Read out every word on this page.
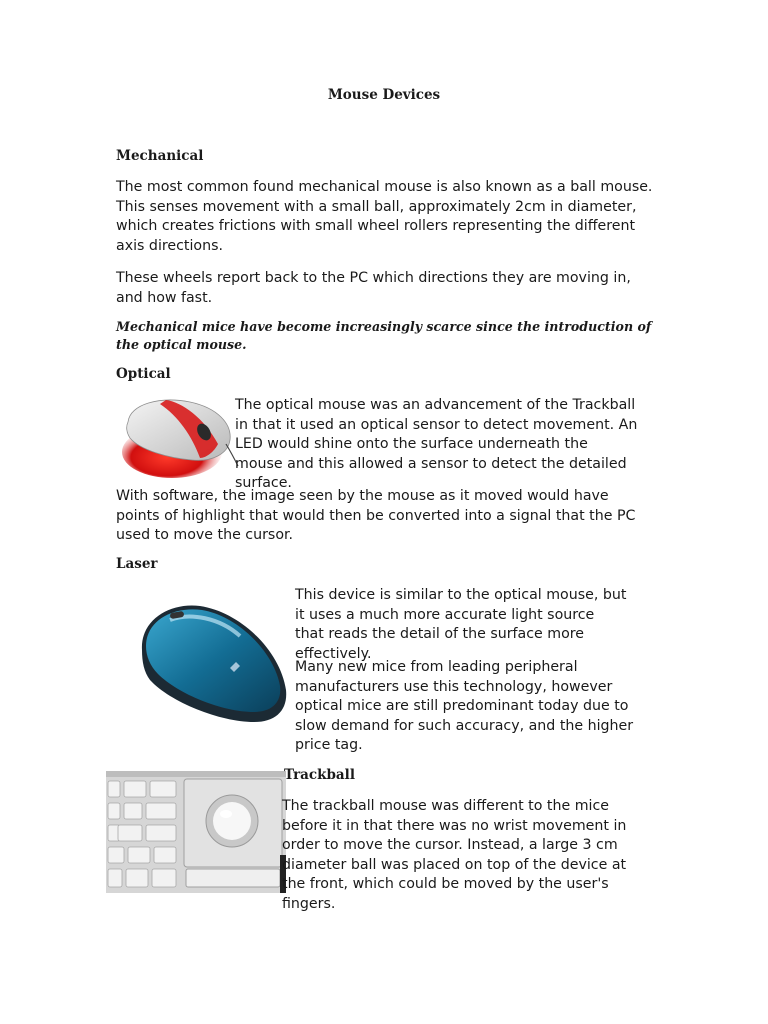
Mouse Devices
Mechanical
The most common found mechanical mouse is also known as a ball mouse. This senses movement with a small ball, approximately 2cm in diameter, which creates frictions with small wheel rollers representing the different axis directions.
These wheels report back to the PC which directions they are moving in, and how fast.
Mechanical mice have become increasingly scarce since the introduction of the optical mouse.
Optical
The optical mouse was an advancement of the Trackball in that it used an optical sensor to detect movement. An LED would shine onto the surface underneath the mouse and this allowed a sensor to detect the detailed surface.
With software, the image seen by the mouse as it moved would have points of highlight that would then be converted into a signal that the PC used to move the cursor.
Laser
This device is similar to the optical mouse, but it uses a much more accurate light source that reads the detail of the surface more effectively.
Many new mice from leading peripheral manufacturers use this technology, however optical mice are still predominant today due to slow demand for such accuracy, and the higher price tag.
Trackball
The trackball mouse was different to the mice before it in that there was no wrist movement in order to move the cursor. Instead, a large 3 cm diameter ball was placed on top of the device at the front, which could be moved by the user's fingers.
